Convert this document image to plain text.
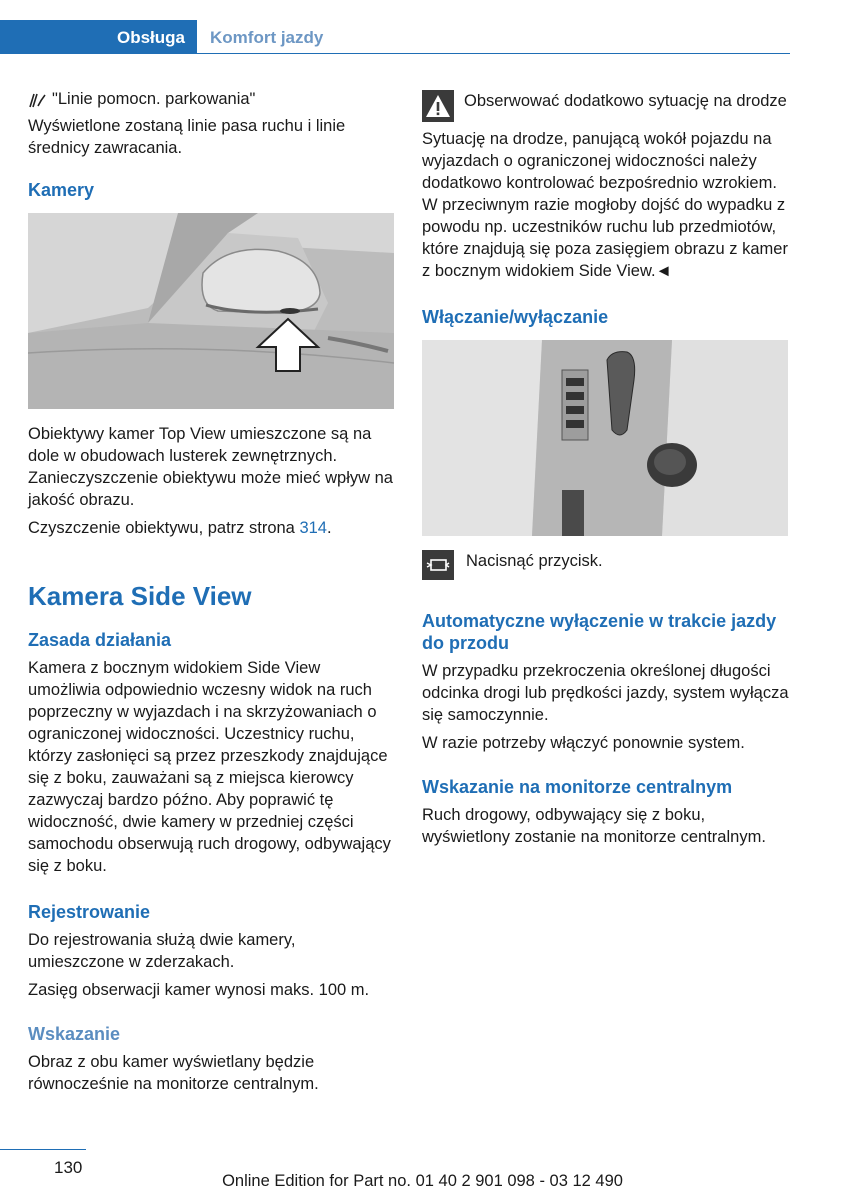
Obsługa	Komfort jazdy
"Linie pomocn. parkowania"

Wyświetlone zostaną linie pasa ruchu i linie średnicy zawracania.

Kamery

Obiektywy kamer Top View umieszczone są na dole w obudowach lusterek zewnętrznych. Zanieczyszczenie obiektywu może mieć wpływ na jakość obrazu.

Czyszczenie obiektywu, patrz strona 314.

Kamera Side View
Zasada działania

Kamera z bocznym widokiem Side View umożliwia odpowiednio wczesny widok na ruch poprzeczny w wyjazdach i na skrzyżowaniach o ograniczonej widoczności. Uczestnicy ruchu, którzy zasłonięci są przez przeszkody znajdujące się z boku, zauważani są z miejsca kierowcy zazwyczaj bardzo późno. Aby poprawić tę widoczność, dwie kamery w przedniej części samochodu obserwują ruch drogowy, odbywający się z boku.

Rejestrowanie

Do rejestrowania służą dwie kamery, umieszczone w zderzakach.

Zasięg obserwacji kamer wynosi maks. 100 m.

Wskazanie

Obraz z obu kamer wyświetlany będzie równocześnie na monitorze centralnym.

Obserwować dodatkowo sytuację na drodze

Sytuację na drodze, panującą wokół pojazdu na wyjazdach o ograniczonej widoczności należy dodatkowo kontrolować bezpośrednio wzrokiem. W przeciwnym razie mogłoby dojść do wypadku z powodu np. uczestników ruchu lub przedmiotów, które znajdują się poza zasięgiem obrazu z kamer z bocznym widokiem Side View.◄

Włączanie/wyłączanie

Nacisnąć przycisk.

Automatyczne wyłączenie w trakcie jazdy do przodu

W przypadku przekroczenia określonej długości odcinka drogi lub prędkości jazdy, system wyłącza się samoczynnie.

W razie potrzeby włączyć ponownie system.

Wskazanie na monitorze centralnym

Ruch drogowy, odbywający się z boku, wyświetlony zostanie na monitorze centralnym.

130
Online Edition for Part no. 01 40 2 901 098 - 03 12 490
